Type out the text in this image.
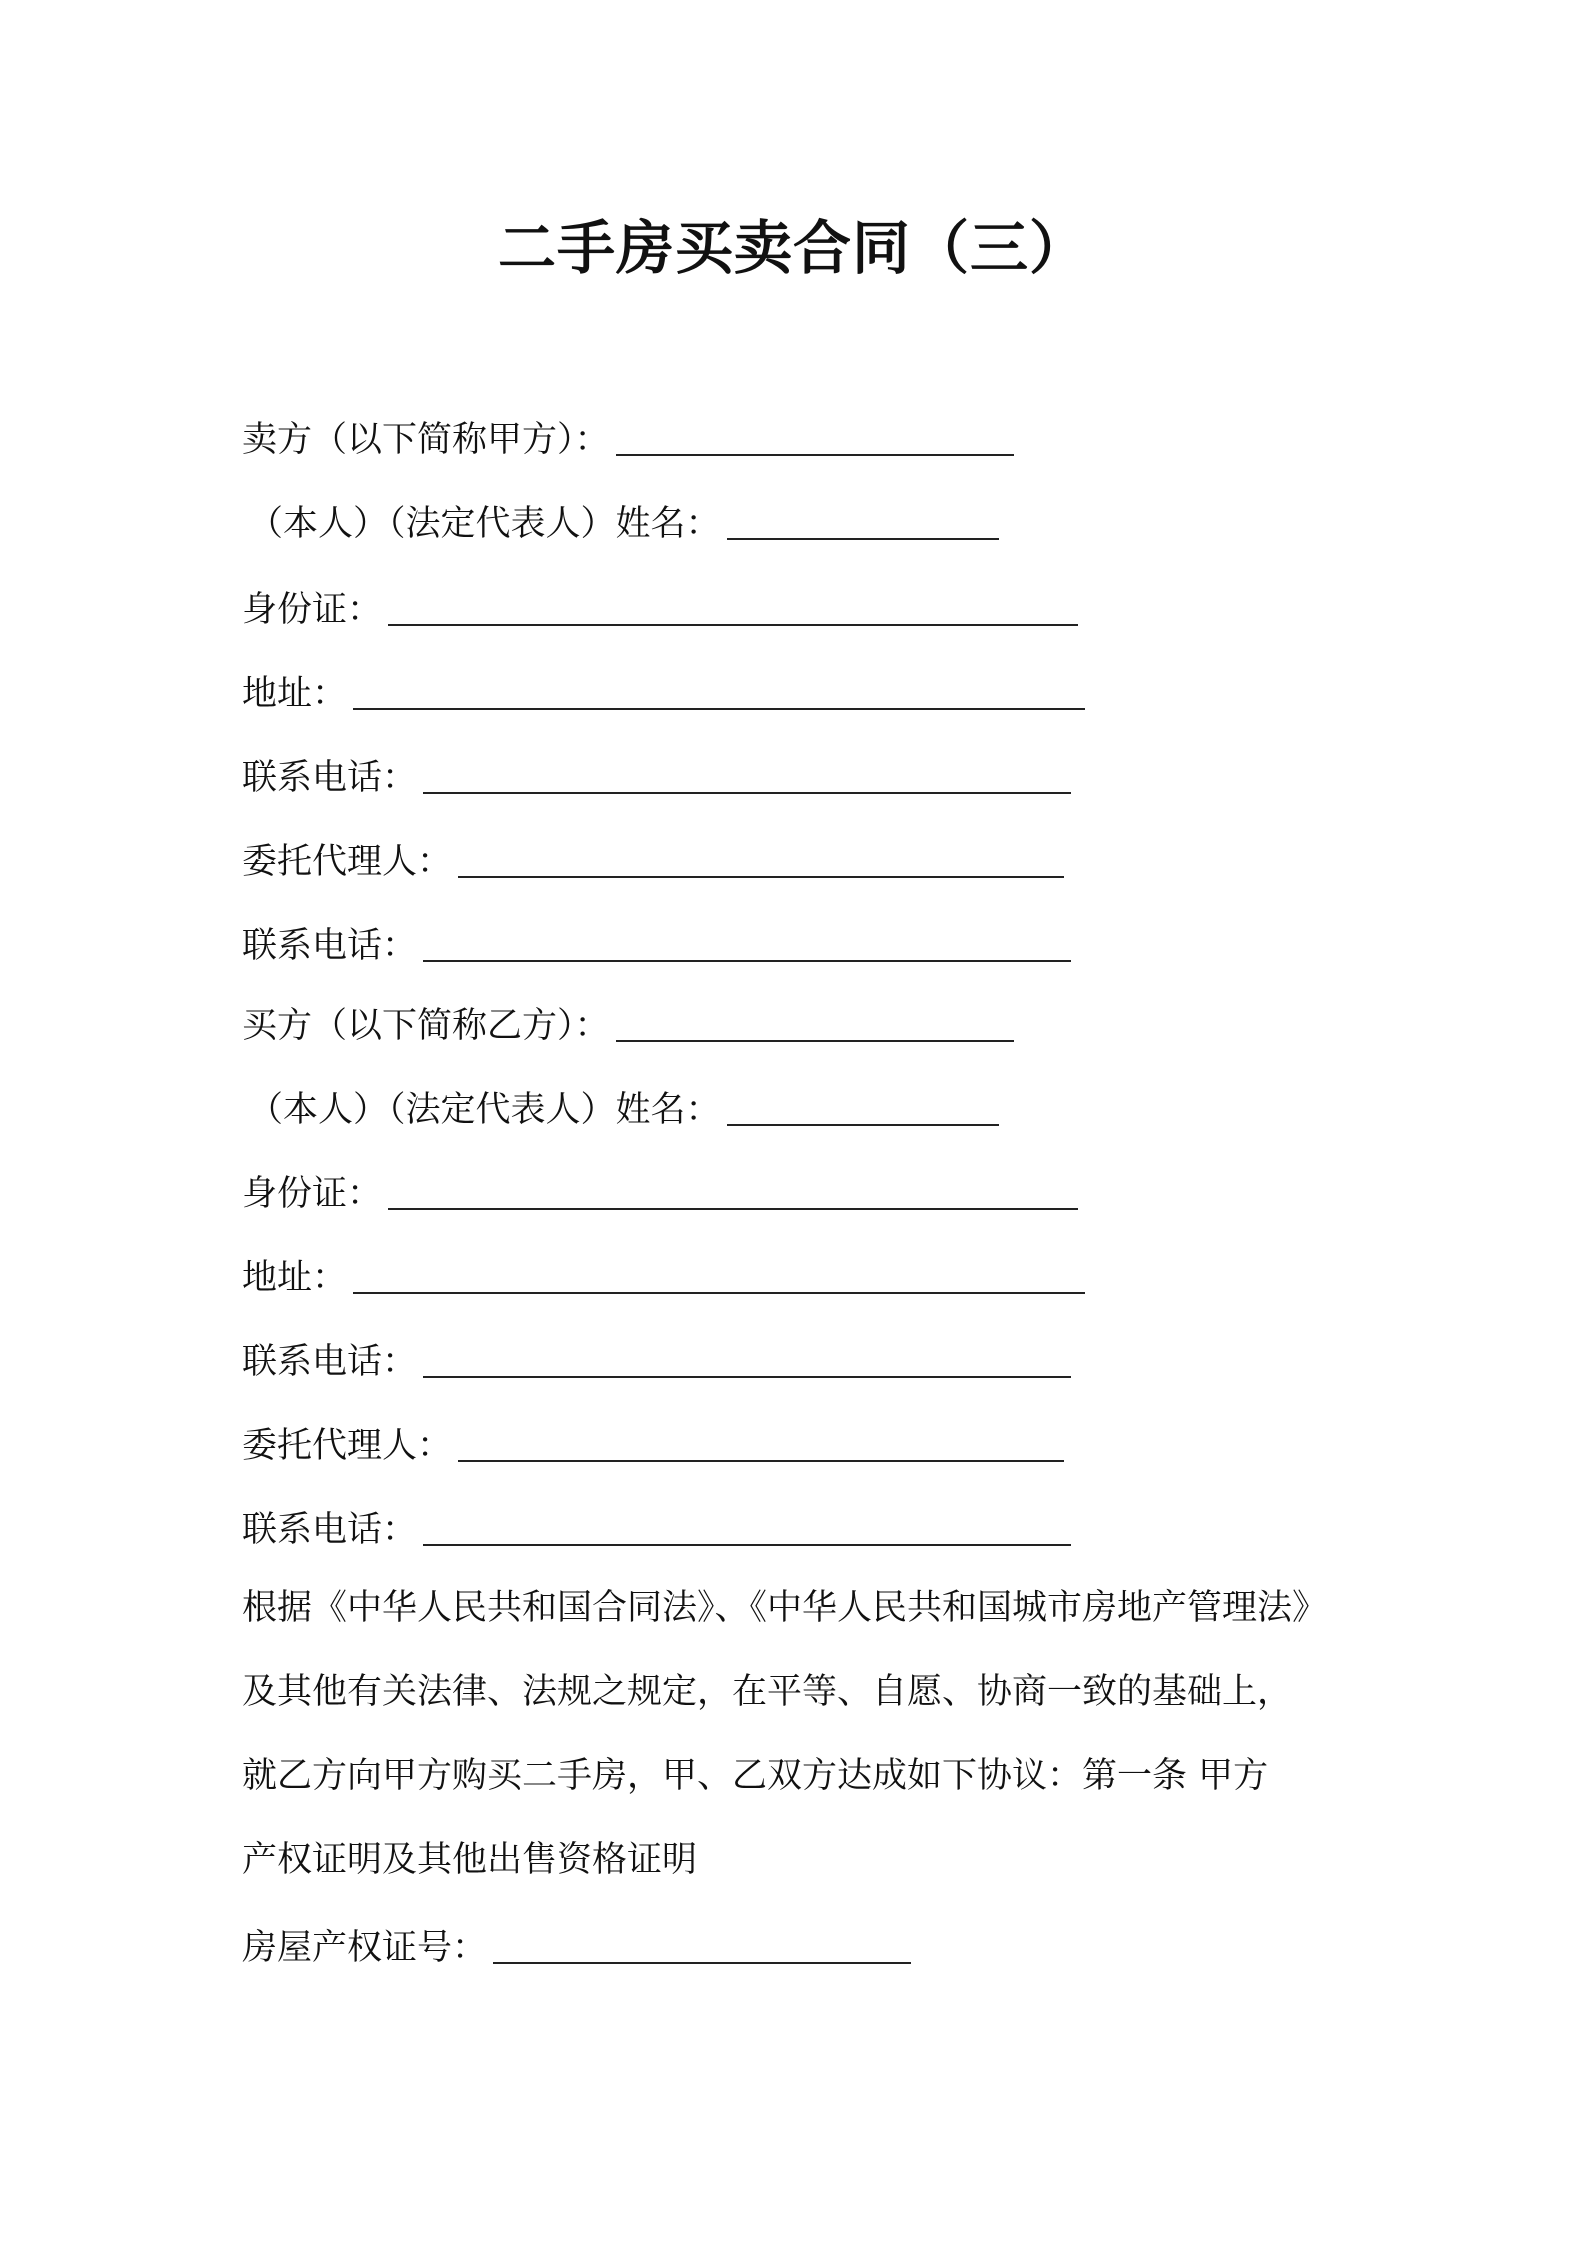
二手房买卖合同（三）
卖方（以下简称甲方）：
（本人）（法定代表人）姓名：
身份证：
地址：
联系电话：
委托代理人：
联系电话：
买方（以下简称乙方）：
（本人）（法定代表人）姓名：
身份证：
地址：
联系电话：
委托代理人：
联系电话：
根据《中华人民共和国合同法》、《中华人民共和国城市房地产管理法》
及其他有关法律、法规之规定，在平等、自愿、协商一致的基础上，
就乙方向甲方购买二手房，甲、乙双方达成如下协议：第一条 甲方
产权证明及其他出售资格证明
房屋产权证号：
